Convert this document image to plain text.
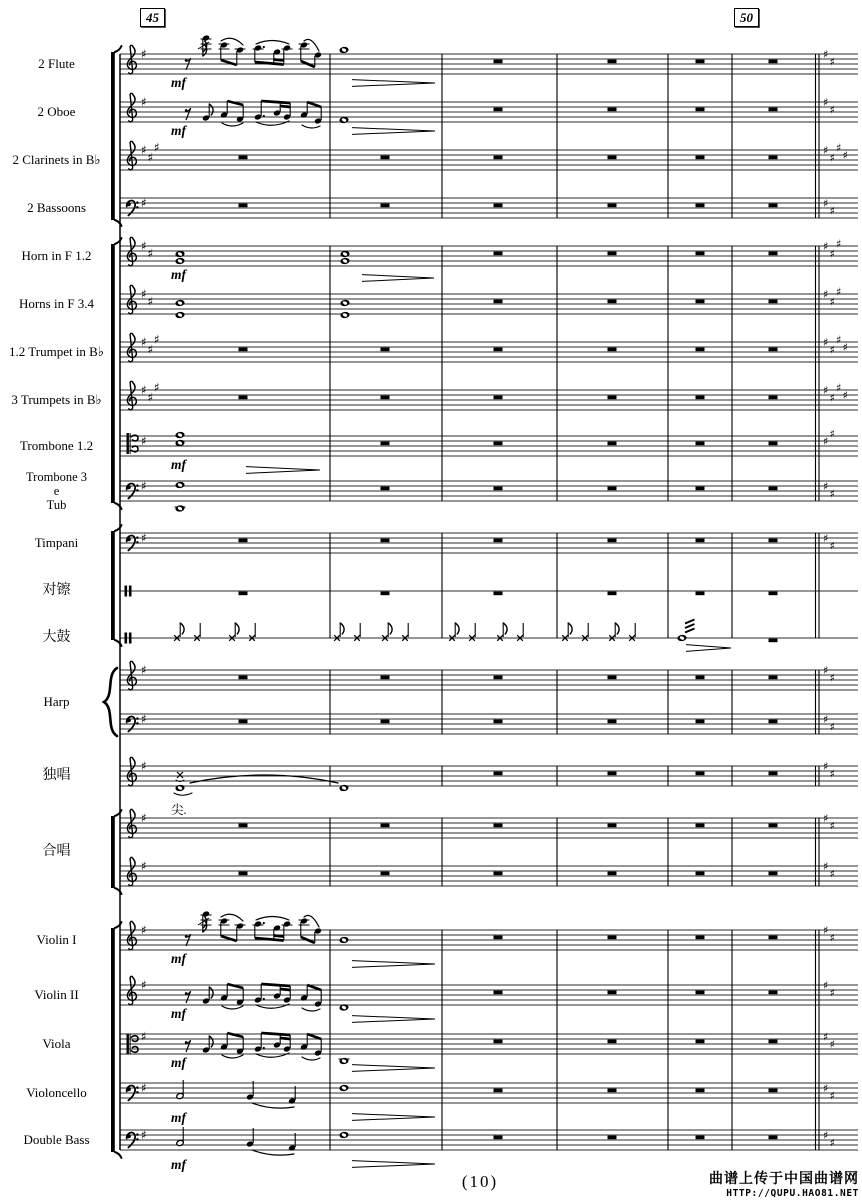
45	50
2 Flute
2 Oboe
2 Clarinets in B♭
2 Bassoons
Horn in F 1.2
Horns in F 3.4
1.2 Trumpet in B♭
3 Trumpets in B♭
Trombone 1.2
Trombone 3
e
Tub
Timpani
对镲
大鼓
Harp
独唱
合唱
Violin I
Violin II
Viola
Violoncello
Double Bass
♯	♯
♯
♯	♯
♯
♯
♯
♯	♯
♯
♯
♯
♯	♯
♯
♯
♯	♯
♯
♯
♯
♯	♯
♯
♯
♯
♯
♯	♯
♯
♯
♯
♯
♯
♯	♯
♯
♯
♯
♯	♯
♯
♯	♯
♯
♯	♯
♯
♯	♯
♯
♯	♯
♯
♯	♯
♯
♯	♯
♯
♯	♯
♯
♯	♯
♯
♯	♯
♯
♯	♯
♯
♯	♯
♯
♯	♯
♯
mf
mf
mf
mf
尖.
mf
mf
mf
mf
mf
(10)	曲谱上传于中国曲谱网
HTTP://QUPU.HAO81.NET
